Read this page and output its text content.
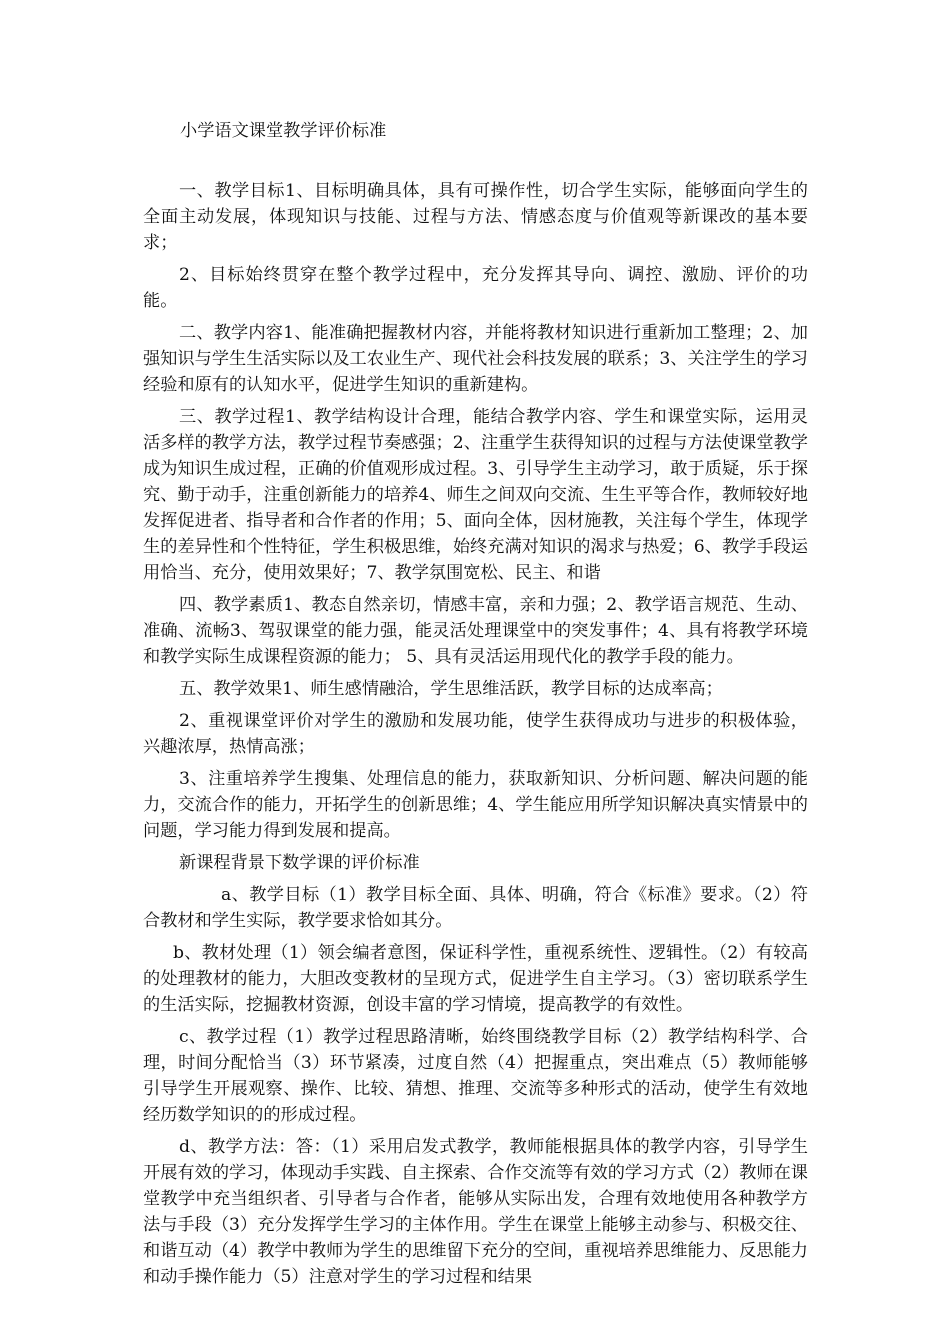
小学语文课堂教学评价标准

一、教学目标1、目标明确具体，具有可操作性，切合学生实际，能够面向学生的全面主动发展，体现知识与技能、过程与方法、情感态度与价值观等新课改的基本要求；

2、目标始终贯穿在整个教学过程中，充分发挥其导向、调控、激励、评价的功能。

二、教学内容1、能准确把握教材内容，并能将教材知识进行重新加工整理；2、加强知识与学生生活实际以及工农业生产、现代社会科技发展的联系；3、关注学生的学习经验和原有的认知水平，促进学生知识的重新建构。

三、教学过程1、教学结构设计合理，能结合教学内容、学生和课堂实际，运用灵活多样的教学方法，教学过程节奏感强；2、注重学生获得知识的过程与方法使课堂教学成为知识生成过程，正确的价值观形成过程。3、引导学生主动学习，敢于质疑，乐于探究、勤于动手，注重创新能力的培养4、师生之间双向交流、生生平等合作，教师较好地发挥促进者、指导者和合作者的作用；5、面向全体，因材施教，关注每个学生，体现学生的差异性和个性特征，学生积极思维，始终充满对知识的渴求与热爱；6、教学手段运用恰当、充分，使用效果好；7、教学氛围宽松、民主、和谐

四、教学素质1、教态自然亲切，情感丰富，亲和力强；2、教学语言规范、生动、准确、流畅3、驾驭课堂的能力强，能灵活处理课堂中的突发事件；4、具有将教学环境和教学实际生成课程资源的能力； 5、具有灵活运用现代化的教学手段的能力。

五、教学效果1、师生感情融洽，学生思维活跃，教学目标的达成率高；

2、重视课堂评价对学生的激励和发展功能，使学生获得成功与进步的积极体验，兴趣浓厚，热情高涨；

3、注重培养学生搜集、处理信息的能力，获取新知识、分析问题、解决问题的能力，交流合作的能力，开拓学生的创新思维；4、学生能应用所学知识解决真实情景中的问题，学习能力得到发展和提高。

新课程背景下数学课的评价标准

a、教学目标（1）教学目标全面、具体、明确，符合《标准》要求。（2）符合教材和学生实际，教学要求恰如其分。

b、教材处理（1）领会编者意图，保证科学性，重视系统性、逻辑性。（2）有较高的处理教材的能力，大胆改变教材的呈现方式，促进学生自主学习。（3）密切联系学生的生活实际，挖掘教材资源，创设丰富的学习情境，提高教学的有效性。

c、教学过程（1）教学过程思路清晰，始终围绕教学目标（2）教学结构科学、合理，时间分配恰当（3）环节紧凑，过度自然（4）把握重点，突出难点（5）教师能够引导学生开展观察、操作、比较、猜想、推理、交流等多种形式的活动，使学生有效地经历数学知识的的形成过程。

d、教学方法：答：（1）采用启发式教学，教师能根据具体的教学内容，引导学生开展有效的学习，体现动手实践、自主探索、合作交流等有效的学习方式（2）教师在课堂教学中充当组织者、引导者与合作者，能够从实际出发，合理有效地使用各种教学方法与手段（3）充分发挥学生学习的主体作用。学生在课堂上能够主动参与、积极交往、和谐互动（4）教学中教师为学生的思维留下充分的空间，重视培养思维能力、反思能力和动手操作能力（5）注意对学生的学习过程和结果
